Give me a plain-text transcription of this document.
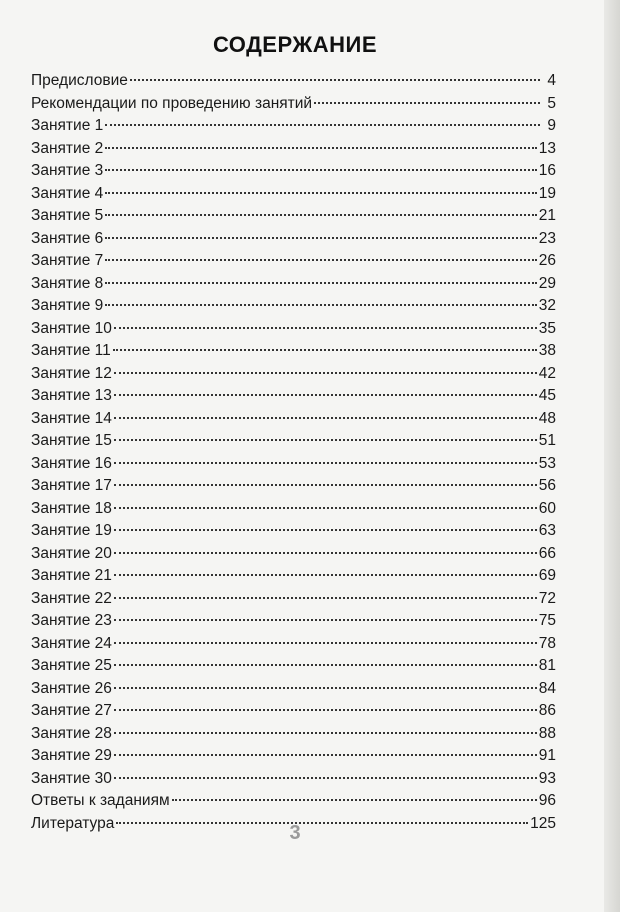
СОДЕРЖАНИЕ
Предисловие	4
Рекомендации по проведению занятий	5
Занятие 1	9
Занятие 2	13
Занятие 3	16
Занятие 4	19
Занятие 5	21
Занятие 6	23
Занятие 7	26
Занятие 8	29
Занятие 9	32
Занятие 10	35
Занятие 11	38
Занятие 12	42
Занятие 13	45
Занятие 14	48
Занятие 15	51
Занятие 16	53
Занятие 17	56
Занятие 18	60
Занятие 19	63
Занятие 20	66
Занятие 21	69
Занятие 22	72
Занятие 23	75
Занятие 24	78
Занятие 25	81
Занятие 26	84
Занятие 27	86
Занятие 28	88
Занятие 29	91
Занятие 30	93
Ответы к заданиям	96
Литература	125
3
